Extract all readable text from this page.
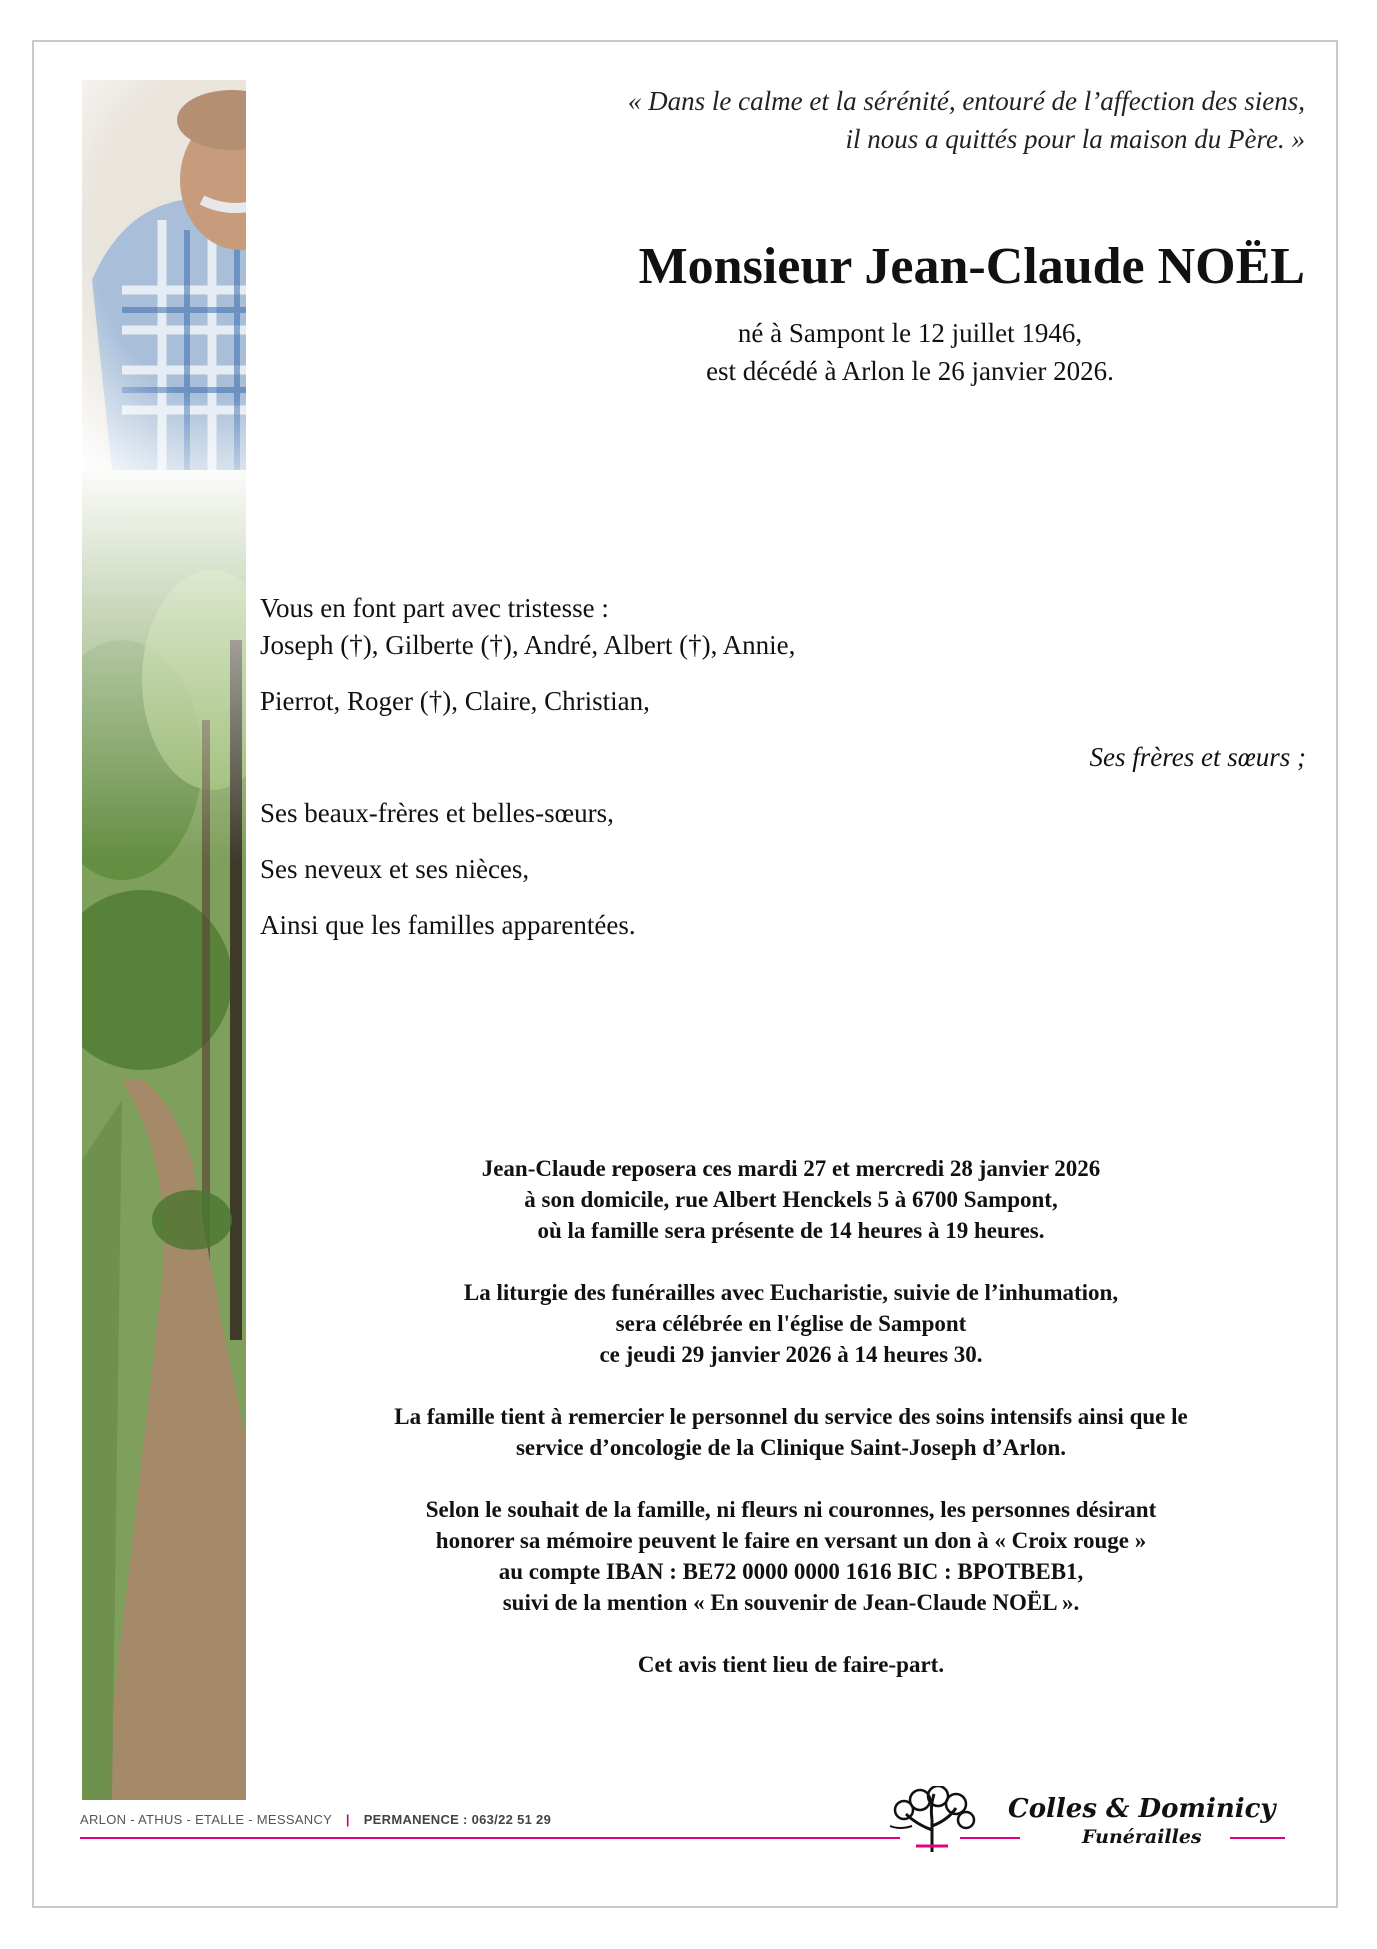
« Dans le calme et la sérénité, entouré de l’affection des siens,
il nous a quittés pour la maison du Père. »
Monsieur Jean-Claude NOËL
né à Sampont le 12 juillet 1946,
est décédé à Arlon le 26 janvier 2026.
Vous en font part avec tristesse :
Joseph (†), Gilberte (†), André, Albert (†), Annie,
Pierrot, Roger (†), Claire, Christian,
Ses frères et sœurs ;
Ses beaux-frères et belles-sœurs,
Ses neveux et ses nièces,
Ainsi que les familles apparentées.

Jean-Claude reposera ces mardi 27 et mercredi 28 janvier 2026
à son domicile, rue Albert Henckels 5 à 6700 Sampont,
où la famille sera présente de 14 heures à 19 heures.

La liturgie des funérailles avec Eucharistie, suivie de l’inhumation,
sera célébrée en l'église de Sampont
ce jeudi 29 janvier 2026 à 14 heures 30.

La famille tient à remercier le personnel du service des soins intensifs ainsi que le
service d’oncologie de la Clinique Saint-Joseph d’Arlon.

Selon le souhait de la famille, ni fleurs ni couronnes, les personnes désirant
honorer sa mémoire peuvent le faire en versant un don à « Croix rouge »
au compte IBAN : BE72 0000 0000 1616 BIC : BPOTBEB1,
suivi de la mention « En souvenir de Jean-Claude NOËL ».

Cet avis tient lieu de faire-part.

ARLON - ATHUS - ETALLE - MESSANCY | PERMANENCE : 063/22 51 29	Colles & Dominicy
Funérailles
